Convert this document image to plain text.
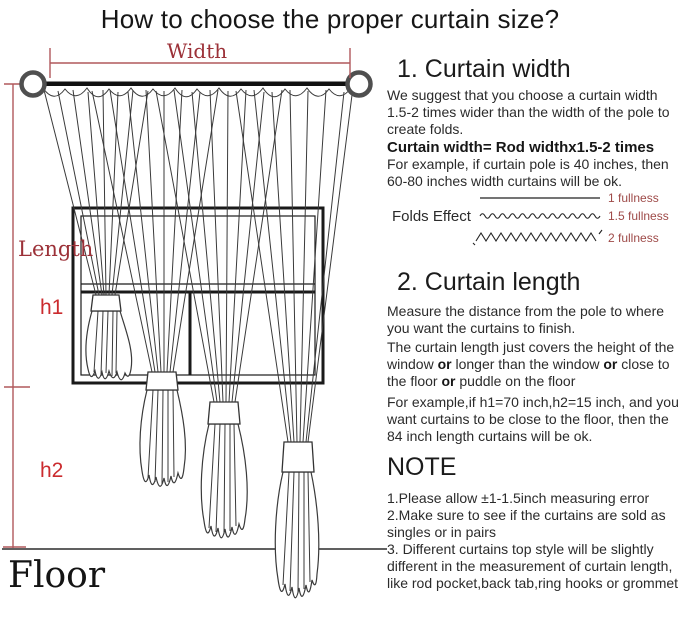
How to choose the proper curtain size?
Width
Length
h1
h2
Floor
1. Curtain width
We suggest that you choose a curtain width 1.5-2 times wider than the width of the pole to create folds.
Curtain width= Rod widthx1.5-2 times
For example, if curtain pole is 40 inches, then 60-80 inches width curtains will be ok.
Folds Effect
1 fullness
1.5 fullness
2 fullness
2. Curtain length
Measure the distance from the pole to where you want the curtains to finish.
The curtain length just covers the height of the window or longer than the window or close to the floor or puddle on the floor
For example,if h1=70 inch,h2=15 inch, and you want curtains to be close to the floor, then the 84 inch length curtains will be ok.
NOTE
1.Please allow ±1-1.5inch measuring error
2.Make sure to see if the curtains are sold as singles or in pairs
3. Different curtains top style will be slightly different in the measurement of curtain length, like rod pocket,back tab,ring hooks or grommet
